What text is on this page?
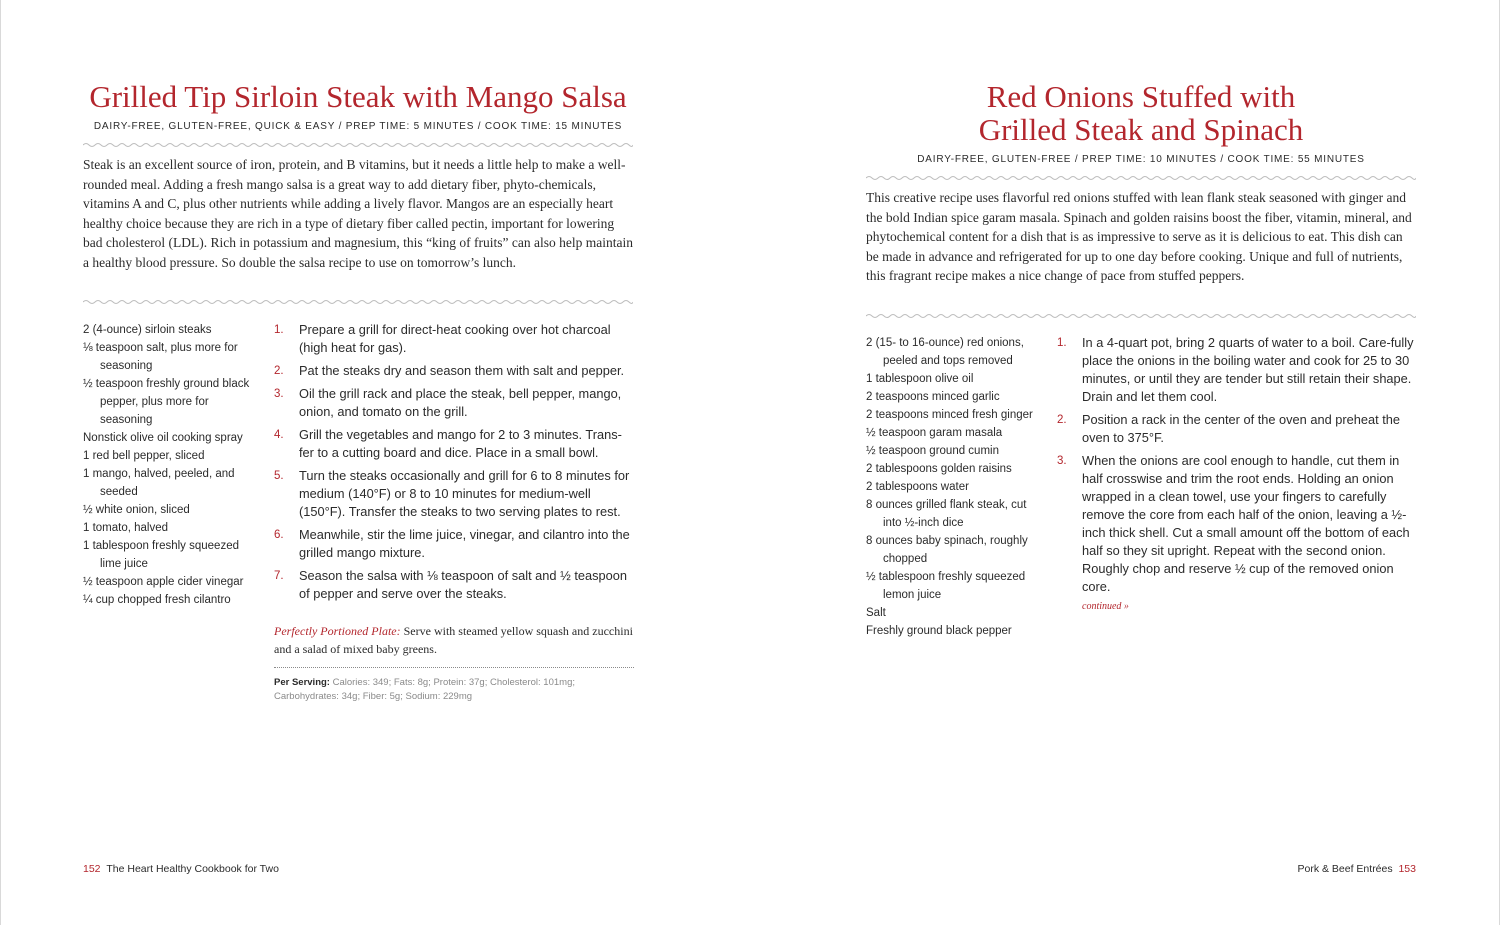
Grilled Tip Sirloin Steak with Mango Salsa
DAIRY-FREE, GLUTEN-FREE, QUICK & EASY / PREP TIME: 5 MINUTES / COOK TIME: 15 MINUTES

Steak is an excellent source of iron, protein, and B vitamins, but it needs a little help to make a well-rounded meal. Adding a fresh mango salsa is a great way to add dietary fiber, phyto-chemicals, vitamins A and C, plus other nutrients while adding a lively flavor. Mangos are an especially heart healthy choice because they are rich in a type of dietary fiber called pectin, important for lowering bad cholesterol (LDL). Rich in potassium and magnesium, this “king of fruits” can also help maintain a healthy blood pressure. So double the salsa recipe to use on tomorrow’s lunch.

2 (4-ounce) sirloin steaks
⅛ teaspoon salt, plus more for seasoning
½ teaspoon freshly ground black pepper, plus more for seasoning
Nonstick olive oil cooking spray
1 red bell pepper, sliced
1 mango, halved, peeled, and seeded
½ white onion, sliced
1 tomato, halved
1 tablespoon freshly squeezed lime juice
½ teaspoon apple cider vinegar
¼ cup chopped fresh cilantro
1. Prepare a grill for direct-heat cooking over hot charcoal (high heat for gas).
2. Pat the steaks dry and season them with salt and pepper.
3. Oil the grill rack and place the steak, bell pepper, mango, onion, and tomato on the grill.
4. Grill the vegetables and mango for 2 to 3 minutes. Trans-fer to a cutting board and dice. Place in a small bowl.
5. Turn the steaks occasionally and grill for 6 to 8 minutes for medium (140°F) or 8 to 10 minutes for medium-well (150°F). Transfer the steaks to two serving plates to rest.
6. Meanwhile, stir the lime juice, vinegar, and cilantro into the grilled mango mixture.
7. Season the salsa with ⅛ teaspoon of salt and ½ teaspoon of pepper and serve over the steaks.
Perfectly Portioned Plate: Serve with steamed yellow squash and zucchini and a salad of mixed baby greens.
Per Serving: Calories: 349; Fats: 8g; Protein: 37g; Cholesterol: 101mg; Carbohydrates: 34g; Fiber: 5g; Sodium: 229mg
Red Onions Stuffed with
Grilled Steak and Spinach
DAIRY-FREE, GLUTEN-FREE / PREP TIME: 10 MINUTES / COOK TIME: 55 MINUTES

This creative recipe uses flavorful red onions stuffed with lean flank steak seasoned with ginger and the bold Indian spice garam masala. Spinach and golden raisins boost the fiber, vitamin, mineral, and phytochemical content for a dish that is as impressive to serve as it is delicious to eat. This dish can be made in advance and refrigerated for up to one day before cooking. Unique and full of nutrients, this fragrant recipe makes a nice change of pace from stuffed peppers.

2 (15- to 16-ounce) red onions, peeled and tops removed
1 tablespoon olive oil
2 teaspoons minced garlic
2 teaspoons minced fresh ginger
½ teaspoon garam masala
½ teaspoon ground cumin
2 tablespoons golden raisins
2 tablespoons water
8 ounces grilled flank steak, cut into ½-inch dice
8 ounces baby spinach, roughly chopped
½ tablespoon freshly squeezed lemon juice
Salt
Freshly ground black pepper
1. In a 4-quart pot, bring 2 quarts of water to a boil. Care-fully place the onions in the boiling water and cook for 25 to 30 minutes, or until they are tender but still retain their shape. Drain and let them cool.
2. Position a rack in the center of the oven and preheat the oven to 375°F.
3. When the onions are cool enough to handle, cut them in half crosswise and trim the root ends. Holding an onion wrapped in a clean towel, use your fingers to carefully remove the core from each half of the onion, leaving a ½-inch thick shell. Cut a small amount off the bottom of each half so they sit upright. Repeat with the second onion. Roughly chop and reserve ½ cup of the removed onion core.
continued »
152 The Heart Healthy Cookbook for Two	Pork & Beef Entrées 153
